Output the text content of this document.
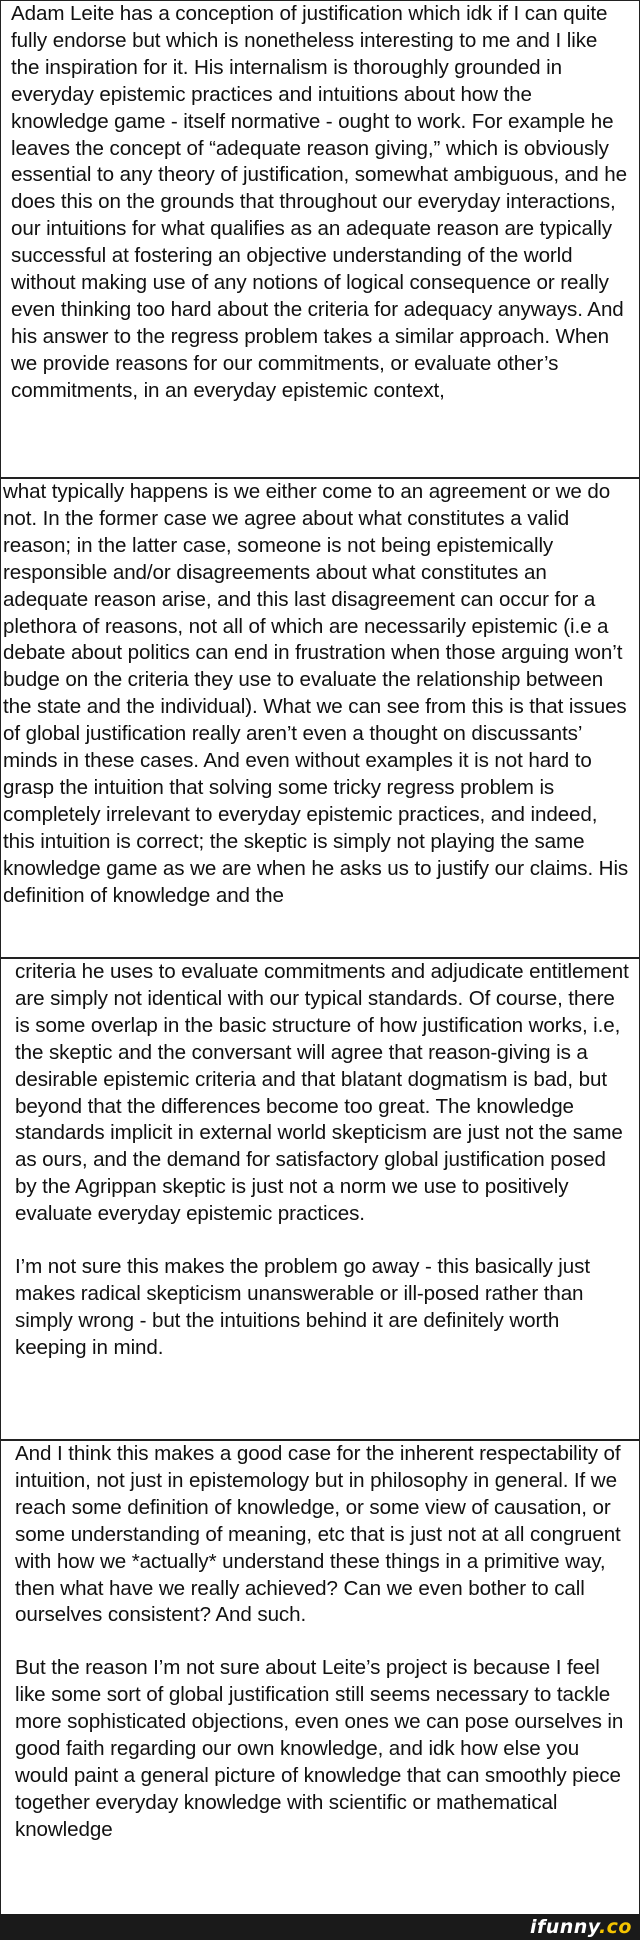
Adam Leite has a conception of justification which idk if I can quite fully endorse but which is nonetheless interesting to me and I like the inspiration for it. His internalism is thoroughly grounded in everyday epistemic practices and intuitions about how the knowledge game - itself normative - ought to work. For example he leaves the concept of “adequate reason giving,” which is obviously essential to any theory of justification, somewhat ambiguous, and he does this on the grounds that throughout our everyday interactions, our intuitions for what qualifies as an adequate reason are typically successful at fostering an objective understanding of the world without making use of any notions of logical consequence or really even thinking too hard about the criteria for adequacy anyways. And his answer to the regress problem takes a similar approach. When we provide reasons for our commitments, or evaluate other’s commitments, in an everyday epistemic context,

what typically happens is we either come to an agreement or we do not. In the former case we agree about what constitutes a valid reason; in the latter case, someone is not being epistemically responsible and/or disagreements about what constitutes an adequate reason arise, and this last disagreement can occur for a plethora of reasons, not all of which are necessarily epistemic (i.e a debate about politics can end in frustration when those arguing won’t budge on the criteria they use to evaluate the relationship between the state and the individual). What we can see from this is that issues of global justification really aren’t even a thought on discussants’ minds in these cases. And even without examples it is not hard to grasp the intuition that solving some tricky regress problem is completely irrelevant to everyday epistemic practices, and indeed, this intuition is correct; the skeptic is simply not playing the same knowledge game as we are when he asks us to justify our claims. His definition of knowledge and the

criteria he uses to evaluate commitments and adjudicate entitlement are simply not identical with our typical standards. Of course, there is some overlap in the basic structure of how justification works, i.e, the skeptic and the conversant will agree that reason-giving is a desirable epistemic criteria and that blatant dogmatism is bad, but beyond that the differences become too great. The knowledge standards implicit in external world skepticism are just not the same as ours, and the demand for satisfactory global justification posed by the Agrippan skeptic is just not a norm we use to positively evaluate everyday epistemic practices.

I’m not sure this makes the problem go away - this basically just makes radical skepticism unanswerable or ill-posed rather than simply wrong - but the intuitions behind it are definitely worth keeping in mind.

And I think this makes a good case for the inherent respectability of intuition, not just in epistemology but in philosophy in general. If we reach some definition of knowledge, or some view of causation, or some understanding of meaning, etc that is just not at all congruent with how we *actually* understand these things in a primitive way, then what have we really achieved? Can we even bother to call ourselves consistent? And such.

But the reason I’m not sure about Leite’s project is because I feel like some sort of global justification still seems necessary to tackle more sophisticated objections, even ones we can pose ourselves in good faith regarding our own knowledge, and idk how else you would paint a general picture of knowledge that can smoothly piece together everyday knowledge with scientific or mathematical knowledge

ifunny.co
